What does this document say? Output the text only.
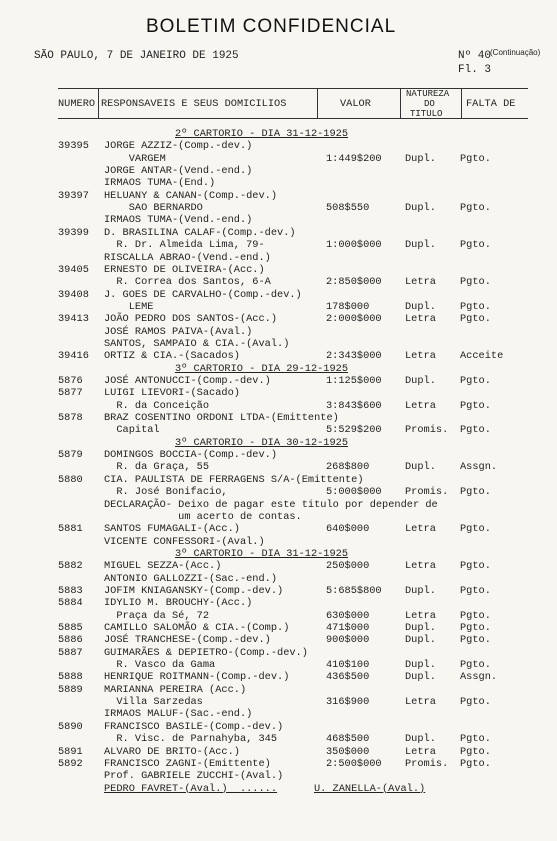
BOLETIM CONFIDENCIAL
SÃO PAULO, 7 DE JANEIRO DE 1925	Nº 40
(Continuação)
Fl. 3
NUMERO RESPONSAVEIS E SEUS DOMICILIOS	VALOR
NATUREZA
DO
TITULO
FALTA DE
2º CARTORIO - DIA 31-12-1925
39395 JORGE AZZIZ-(Comp.-dev.)
VARGEM	1:449$200 Dupl. Pgto.
JORGE ANTAR-(Vend.-end.)
IRMAOS TUMA-(End.)
39397 HELUANY & CANAN-(Comp.-dev.)
SAO BERNARDO	508$550	Dupl. Pgto.
IRMAOS TUMA-(Vend.-end.)
39399 D. BRASILINA CALAF-(Comp.-dev.)
R. Dr. Almeida Lima, 79-	1:000$000 Dupl. Pgto.
RISCALLA ABRAO-(Vend.-end.)
39405 ERNESTO DE OLIVEIRA-(Acc.)
R. Correa dos Santos, 6-A	2:850$000 Letra Pgto.
39408 J. GOES DE CARVALHO-(Comp.-dev.)
LEME	178$000	Dupl. Pgto.
39413 JOÃO PEDRO DOS SANTOS-(Acc.)	2:000$000 Letra Pgto.
JOSÉ RAMOS PAIVA-(Aval.)
SANTOS, SAMPAIO & CIA.-(Aval.)
39416 ORTIZ & CIA.-(Sacados)	2:343$000 Letra Acceite
3º CARTORIO - DIA 29-12-1925
5876 JOSÉ ANTONUCCI-(Comp.-dev.)	1:125$000 Dupl. Pgto.
5877 LUIGI LIEVORI-(Sacado)
R. da Conceição	3:843$600 Letra Pgto.
5878 BRAZ COSENTINO ORDONI LTDA-(Emittente)
Capital	5:529$200 Promis. Pgto.
3º CARTORIO - DIA 30-12-1925
5879 DOMINGOS BOCCIA-(Comp.-dev.)
R. da Graça, 55	268$800	Dupl. Assgn.
5880 CIA. PAULISTA DE FERRAGENS S/A-(Emittente)
R. José Bonifacio,	5:000$000 Promis. Pgto.
DECLARAÇÃO- Deixo de pagar este titulo por depender de
um acerto de contas.
5881 SANTOS FUMAGALI-(Acc.)	640$000	Letra Pgto.
VICENTE CONFESSORI-(Aval.)
3º CARTORIO - DIA 31-12-1925
5882 MIGUEL SEZZA-(Acc.)	250$000	Letra Pgto.
ANTONIO GALLOZZI-(Sac.-end.)
5883 JOFIM KNIAGANSKY-(Comp.-dev.)	5:685$800 Dupl. Pgto.
5884 IDYLIO M. BROUCHY-(Acc.)
Praça da Sé, 72	630$000	Letra Pgto.
5885 CAMILLO SALOMÃO & CIA.-(Comp.)	471$000	Dupl. Pgto.
5886 JOSÉ TRANCHESE-(Comp.-dev.)	900$000	Dupl. Pgto.
5887 GUIMARÃES & DEPIETRO-(Comp.-dev.)
R. Vasco da Gama	410$100	Dupl. Pgto.
5888 HENRIQUE ROITMANN-(Comp.-dev.)	436$500	Dupl. Assgn.
5889 MARIANNA PEREIRA (Acc.)
Villa Sarzedas	316$900	Letra Pgto.
IRMAOS MALUF-(Sac.-end.)
5890 FRANCISCO BASILE-(Comp.-dev.)
R. Visc. de Parnahyba, 345	468$500	Dupl. Pgto.
5891 ALVARO DE BRITO-(Acc.)	350$000	Letra Pgto.
5892 FRANCISCO ZAGNI-(Emittente)	2:500$000 Promis. Pgto.
Prof. GABRIELE ZUCCHI-(Aval.)
PEDRO FAVRET-(Aval.)  ......	U. ZANELLA-(Aval.)
